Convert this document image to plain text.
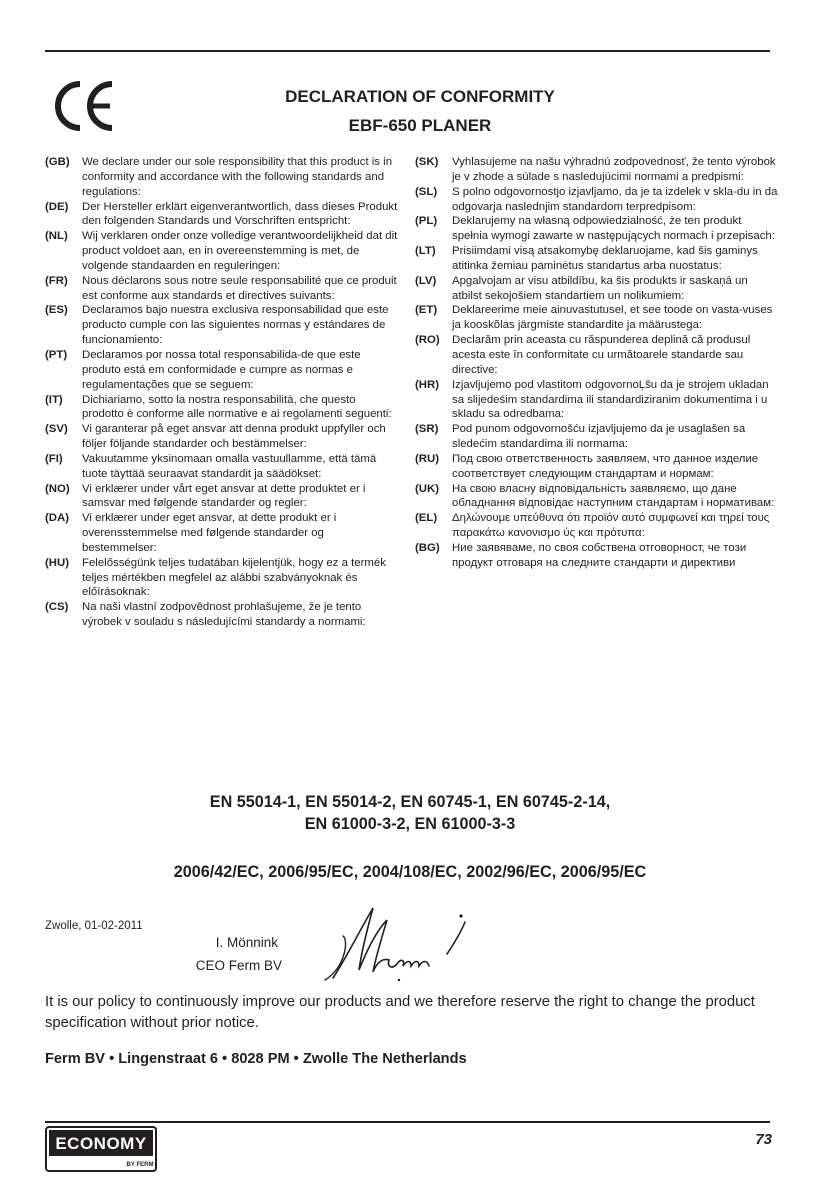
DECLARATION OF CONFORMITY
EBF-650 PLANER
(GB)	We declare under our sole responsibility that this product is in conformity and accordance with the following standards and regulations:
(DE)	Der Hersteller erklärt eigenverantwortlich, dass dieses Produkt den folgenden Standards und Vorschriften entspricht:
(NL)	Wij verklaren onder onze volledige verantwoordelijkheid dat dit product voldoet aan, en in overeenstemming is met, de volgende standaarden en reguleringen:
(FR)	Nous déclarons sous notre seule responsabilité que ce produit est conforme aux standards et directives suivants:
(ES)	Declaramos bajo nuestra exclusiva responsabilidad que este producto cumple con las siguientes normas y estándares de funcionamiento:
(PT)	Declaramos por nossa total responsabilida-de que este produto está em conformidade e cumpre as normas e regulamentações que se seguem:
(IT)	Dichiariamo, sotto la nostra responsabilità, che questo prodotto è conforme alle normative e ai regolamenti seguenti:
(SV)	Vi garanterar på eget ansvar att denna produkt uppfyller och följer följande standarder och bestämmelser:
(FI)	Vakuutamme yksinomaan omalla vastuullamme, että tämä tuote täyttää seuraavat standardit ja säädökset:
(NO)	Vi erklærer under vårt eget ansvar at dette produktet er i samsvar med følgende standarder og regler:
(DA)	Vi erklærer under eget ansvar, at dette produkt er i overensstemmelse med følgende standarder og bestemmelser:
(HU)	Felelősségünk teljes tudatában kijelentjük, hogy ez a termék teljes mértékben megfelel az alábbi szabványoknak és előírásoknak:
(CS)	Na naši vlastní zodpovědnost prohlašujeme, že je tento výrobek v souladu s následujícími standardy a normami:
(SK)	Vyhlasujeme na našu výhradnú zodpovednosť, že tento výrobok je v zhode a súlade s nasledujúcimi normami a predpismi:
(SL)	S polno odgovornostjo izjavljamo, da je ta izdelek v skla-du in da odgovarja naslednjim standardom terpredpisom:
(PL)	Deklarujemy na własną odpowiedzialność, że ten produkt spełnia wymogi zawarte w następujących normach i przepisach:
(LT)	Prisiimdami visą atsakomybę deklaruojame, kad šis gaminys atitinka žemiau paminėtus standartus arba nuostatus:
(LV)	Apgalvojam ar visu atbildību, ka šis produkts ir saskaņā un atbilst sekojošiem standartiem un nolikumiem:
(ET)	Deklareerime meie ainuvastutusel, et see toode on vasta-vuses ja kooskõlas järgmiste standardite ja määrustega:
(RO)	Declarăm prin aceasta cu răspunderea deplină că produsul acesta este în conformitate cu următoarele standarde sau directive:
(HR)	Izjavljujemo pod vlastitom odgovornoĻšu da je strojem ukladan sa slijedeśim standardima ili standardiziranim dokumentima i u skladu sa odredbama:
(SR)	Pod punom odgovornošću izjavljujemo da je usaglašen sa sledećim standardima ili normama:
(RU)	Под свою ответственность заявляем, что данное изделие соответствует следующим стандартам и нормам:
(UK)	На свою власну відповідальність заявляємо, що дане обладнання відповідає наступним стандартам і нормативам:
(EL)	Δηλώνουμε υπεύθυνα ότι προϊόν αυτό συμφωνεί και τηρεί τους παρακάτω κανονισμο ύς και πρότυπα:
(BG)	Ние заявяваме, по своя собствена отговорност, че този продукт отговаря на следните стандарти и директиви
EN 55014-1, EN 55014-2, EN 60745-1, EN 60745-2-14,
EN 61000-3-2, EN 61000-3-3
2006/42/EC, 2006/95/EC, 2004/108/EC, 2002/96/EC, 2006/95/EC
Zwolle, 01-02-2011
I. Mönnink
CEO Ferm BV
It is our policy to continuously improve our products and we therefore reserve the right to change the product specification without prior notice.
Ferm BV • Lingenstraat 6 • 8028 PM • Zwolle The Netherlands
ECONOMY
BY FERM
73
